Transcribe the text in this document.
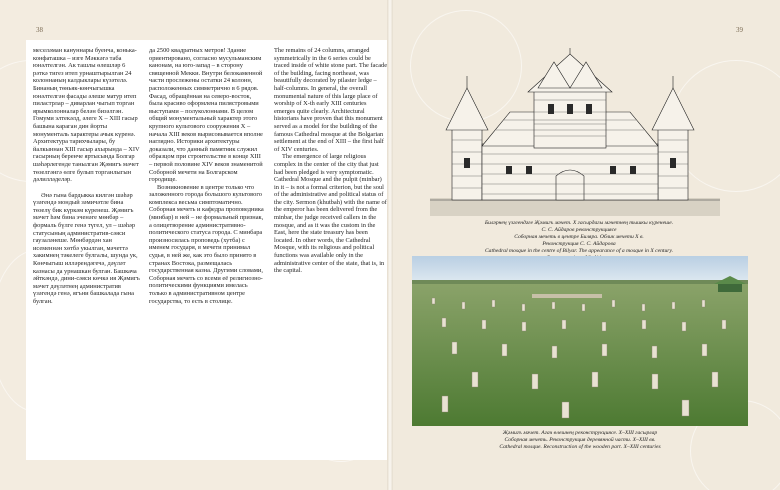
38

меселәман кануннары буенча, конька-конфаташка – изге Мәккәгә таба юнәлтелгән. Ак ташлы өлешләр 6 рәткә тигез итеп урнаштырылган 24 колоннаның калдыклары күзәтелә. Бинаның төньяк-көнчыгышка юнәлтелгән фасады әлеше матур итеп пиластрлар – диварлан чыгып торган ярымколонналар белән бизәлгән. Гомуми элтекәлд, әлеге X – XIII гасыр башына караган дин йорты монументаль характеры ачык күренә. Архитектура тарихчылары, бу йалкыннан XIII гасыр ахырында – XIV гасырның беренче яртысында Болгар шәһәрлегенде танылган Җәмигъ мәчет төзелгәнгә өлге булып торганлыгын дәлилләделәр.

Әнә гына бардыкка килгән шәһәр үзәгендә мондый зәмичәтле бина төзелү бик күркәм күренеш. Җәмигъ мәчет һәм бина эченәге мөнбәр – формаль бүлге генә түгел, ул – шәһәр статусының административ-сәяси гаузаләнеше. Мөнбәрдән хан исеменнән хөтбә укылган, мәчеттә хакимнең тәкелеге булгалы, шунда ук, Көнчыгыш илләрендәгечә, дәүләт казнасы да урнашкан булган. Башкача әйткәндә, дини-сәяси көчкә ия Җәмигъ мәчет дәүләтнең административ үзәгендә генә, ягъни башкалада гына булган.

да 2500 квадратных метров! Здание ориентировано, согласно мусульманским канонам, на юго-запад – в сторону священной Мекки. Внутри белокаменной части прослежены остатки 24 колонн, расположенных симметрично в 6 рядов. Фасад, обращённая на северо-восток, была красиво оформлена пилястровыми выступами – полуколоннами. В целом общий монументальный характер этого крупного культового сооружения X – начала XIII веков вырисовывается вполне наглядно. Историки архитектуры доказали, что данный памятник служил образцом при строительстве в конце XIII – первой половине XIV веков знаменитой Соборной мечети на Болгарском городище.

Возникновение в центре только что заложенного города большого культового комплекса весьма симптоматично. Соборная мечеть и кафедра проповедника (минбар) в ней – не формальный признак, а олицетворение административно-политического статуса города. С минбара произносилась проповедь (хутба) с именем государя, в мечети принимал судья, в ней же, как это было принято в странах Востока, размещалась государственная казна. Другими словами, Соборная мечеть со всеми её религиозно-политическими функциями имелась только в административном центре государства, то есть в столице.

The remains of 24 columns, arranged symmetrically in the 6 series could be traced inside of white stone part. The facade of the building, facing northeast, was beautifully decorated by pilaster ledge – half-columns. In general, the overall monumental nature of this large place of worship of X-th early XIII centuries emerges quite clearly. Architectural historians have proven that this monument served as a model for the building of the famous Cathedral mosque at the Bolgarian settlement at the end of XIII – the first half of XIV centuries.

The emergence of large religious complex in the center of the city that just had been pledged is very symptomatic. Cathedral Mosque and the pulpit (minbar) in it – is not a formal criterion, but the soul of the administrative and political status of the city. Sermon (khutbah) with the name of the emperor has been delivered from the minbar, the judge received callers in the mosque, and as it was the custom in the East, here the state treasury has been located. In other words, the Cathedral Mosque, with its religious and political functions was available only in the administrative center of the state, that is, in the capital.

39
Биләрнең үзәгендәге Җәмигъ мәчет. X гасырдагы мәчетнең тышкы күренеше.
С. С. Айдаров реконструкциясе
Соборная мечеть в центре Биляра. Облик мечети X в.
Реконструкция С. С. Айдарова
Cathedral mosque in the centre of Bilyar. The appearance of a mosque in X century.
Җәмигъ мәчет. Агач өлешнең реконструкциясе. X–XIII гасырлар
Соборная мечеть. Реконструкция деревянной части. X–XIII вв.
Cathedral mosque. Reconstruction of the wooden part. X–XIII centuries
